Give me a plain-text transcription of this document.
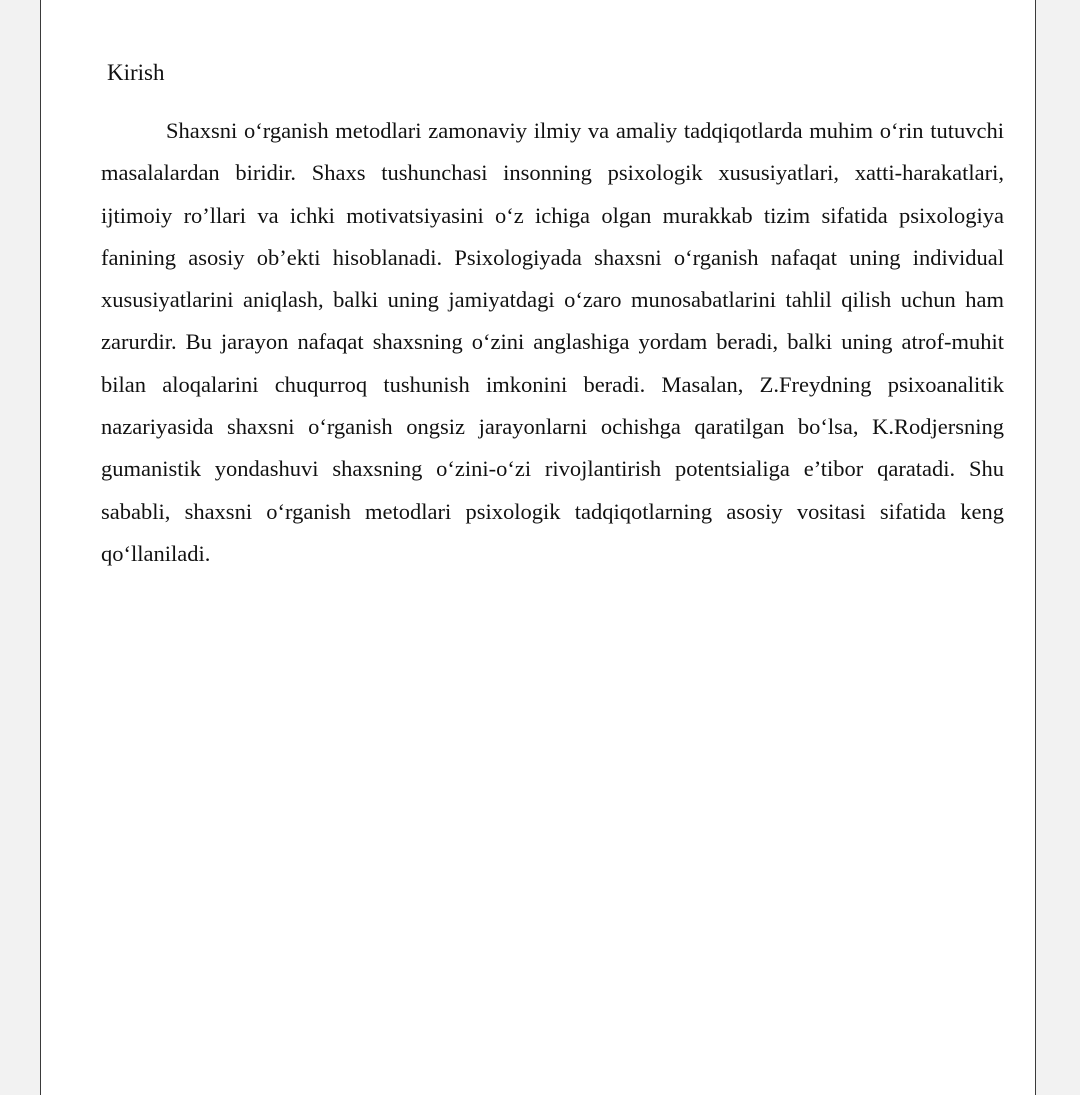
Kirish

Shaxsni o‘rganish metodlari zamonaviy ilmiy va amaliy tadqiqotlarda muhim o‘rin tutuvchi masalalardan biridir. Shaxs tushunchasi insonning psixologik xususiyatlari, xatti-harakatlari, ijtimoiy ro’llari va ichki motivatsiyasini o‘z ichiga olgan murakkab tizim sifatida psixologiya fanining asosiy ob’ekti hisoblanadi. Psixologiyada shaxsni o‘rganish nafaqat uning individual xususiyatlarini aniqlash, balki uning jamiyatdagi o‘zaro munosabatlarini tahlil qilish uchun ham zarurdir. Bu jarayon nafaqat shaxsning o‘zini anglashiga yordam beradi, balki uning atrof-muhit bilan aloqalarini chuqurroq tushunish imkonini beradi. Masalan, Z.Freydning psixoanalitik nazariyasida shaxsni o‘rganish ongsiz jarayonlarni ochishga qaratilgan bo‘lsa, K.Rodjersning gumanistik yondashuvi shaxsning o‘zini-o‘zi rivojlantirish potentsialiga e’tibor qaratadi. Shu sababli, shaxsni o‘rganish metodlari psixologik tadqiqotlarning asosiy vositasi sifatida keng qo‘llaniladi.
